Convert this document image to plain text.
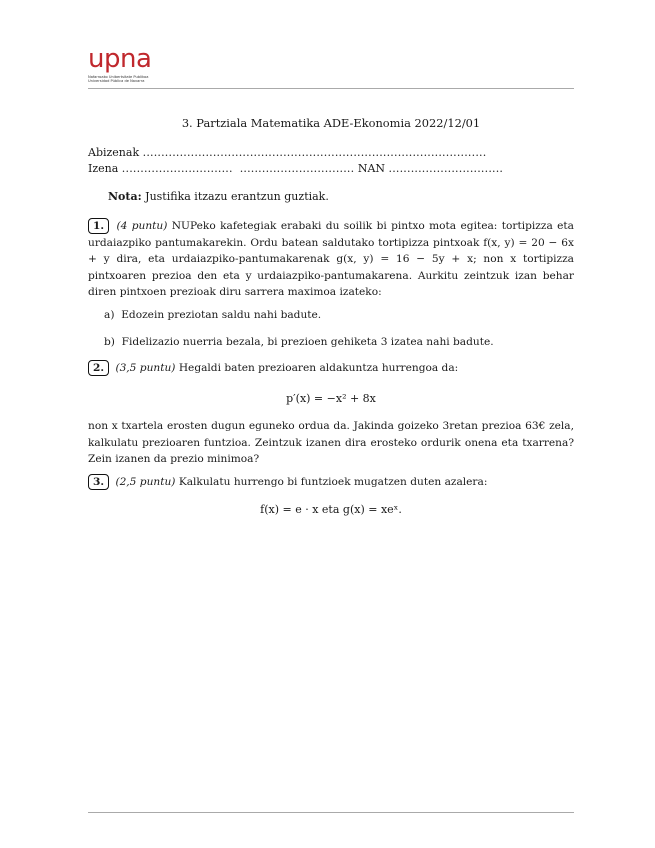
upna
Nafarroako Unibertsitate Publikoa
Universidad Pública de Navarra
3. Partziala Matematika ADE-Ekonomia 2022/12/01
Abizenak .............................................................................................
Izena .............................. ............................... NAN ...............................
Nota: Justifika itzazu erantzun guztiak.
1. (4 puntu) NUPeko kafetegiak erabaki du soilik bi pintxo mota egitea: tortipizza eta urdaiazpiko pantumakarekin. Ordu batean saldutako tortipizza pintxoak f(x, y) = 20 − 6x + y dira, eta urdaiazpiko-pantumakarenak g(x, y) = 16 − 5y + x; non x tortipizza pintxoaren prezioa den eta y urdaiazpiko-pantumakarena. Aurkitu zeintzuk izan behar diren pintxoen prezioak diru sarrera maximoa izateko:
a) Edozein preziotan saldu nahi badute.
b) Fidelizazio nuerria bezala, bi prezioen gehiketa 3 izatea nahi badute.
2. (3,5 puntu) Hegaldi baten prezioaren aldakuntza hurrengoa da:
p′(x) = −x² + 8x
non x txartela erosten dugun eguneko ordua da. Jakinda goizeko 3retan prezioa 63€ zela, kalkulatu prezioaren funtzioa. Zeintzuk izanen dira erosteko ordurik onena eta txarrena? Zein izanen da prezio minimoa?
3. (2,5 puntu) Kalkulatu hurrengo bi funtzioek mugatzen duten azalera:
f(x) = e · x eta g(x) = xeˣ.
